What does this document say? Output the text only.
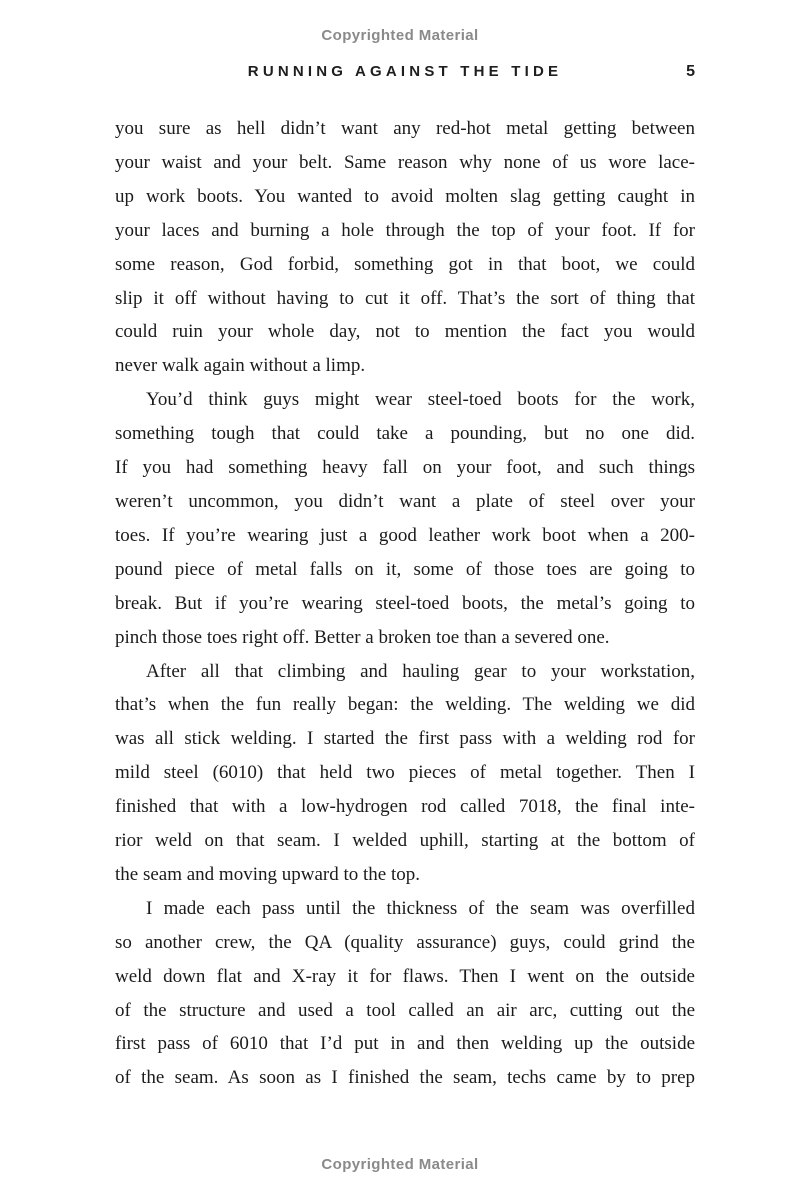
Copyrighted Material
RUNNING AGAINST THE TIDE	5
you sure as hell didn’t want any red-hot metal getting between
your waist and your belt. Same reason why none of us wore lace-
up work boots. You wanted to avoid molten slag getting caught in
your laces and burning a hole through the top of your foot. If for
some reason, God forbid, something got in that boot, we could
slip it off without having to cut it off. That’s the sort of thing that
could ruin your whole day, not to mention the fact you would
never walk again without a limp.
You’d think guys might wear steel-toed boots for the work,
something tough that could take a pounding, but no one did.
If you had something heavy fall on your foot, and such things
weren’t uncommon, you didn’t want a plate of steel over your
toes. If you’re wearing just a good leather work boot when a 200-
pound piece of metal falls on it, some of those toes are going to
break. But if you’re wearing steel-toed boots, the metal’s going to
pinch those toes right off. Better a broken toe than a severed one.
After all that climbing and hauling gear to your workstation,
that’s when the fun really began: the welding. The welding we did
was all stick welding. I started the first pass with a welding rod for
mild steel (6010) that held two pieces of metal together. Then I
finished that with a low-hydrogen rod called 7018, the final inte-
rior weld on that seam. I welded uphill, starting at the bottom of
the seam and moving upward to the top.
I made each pass until the thickness of the seam was overfilled
so another crew, the QA (quality assurance) guys, could grind the
weld down flat and X-ray it for flaws. Then I went on the outside
of the structure and used a tool called an air arc, cutting out the
first pass of 6010 that I’d put in and then welding up the outside
of the seam. As soon as I finished the seam, techs came by to prep
Copyrighted Material
